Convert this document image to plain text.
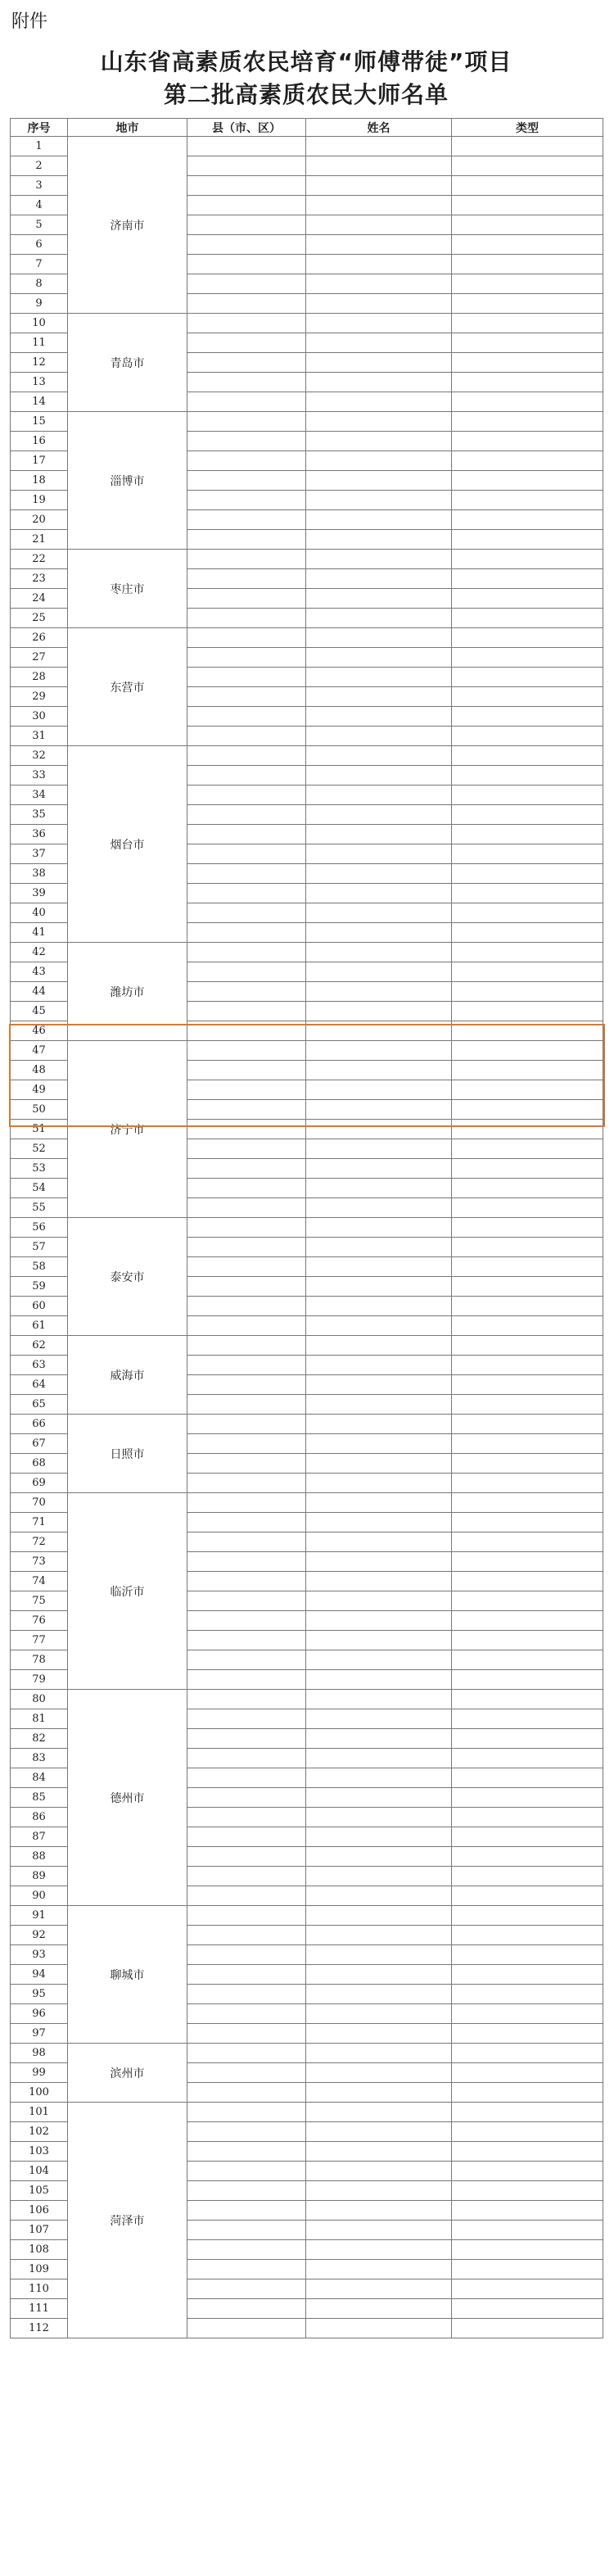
附件
山东省高素质农民培育“师傅带徒”项目
第二批高素质农民大师名单
序号	地市	县（市、区）	姓名	类型
1	济南市			
2				
3				
4				
5				
6				
7				
8				
9				
10	青岛市			
11				
12				
13				
14				
15	淄博市			
16				
17				
18				
19				
20				
21				
22	枣庄市			
23				
24				
25				
26	东营市			
27				
28				
29				
30				
31				
32	烟台市			
33				
34				
35				
36				
37				
38				
39				
40				
41				
42	潍坊市			
43				
44				
45				
46				
47	济宁市			
48				
49				
50				
51				
52				
53				
54				
55				
56	泰安市			
57				
58				
59				
60				
61				
62	威海市			
63				
64				
65				
66	日照市			
67				
68				
69				
70	临沂市			
71				
72				
73				
74				
75				
76				
77				
78				
79				
80	德州市			
81				
82				
83				
84				
85				
86				
87				
88				
89				
90				
91	聊城市			
92				
93				
94				
95				
96				
97				
98	滨州市			
99				
100				
101	菏泽市			
102				
103				
104				
105				
106				
107				
108				
109				
110				
111				
112				
